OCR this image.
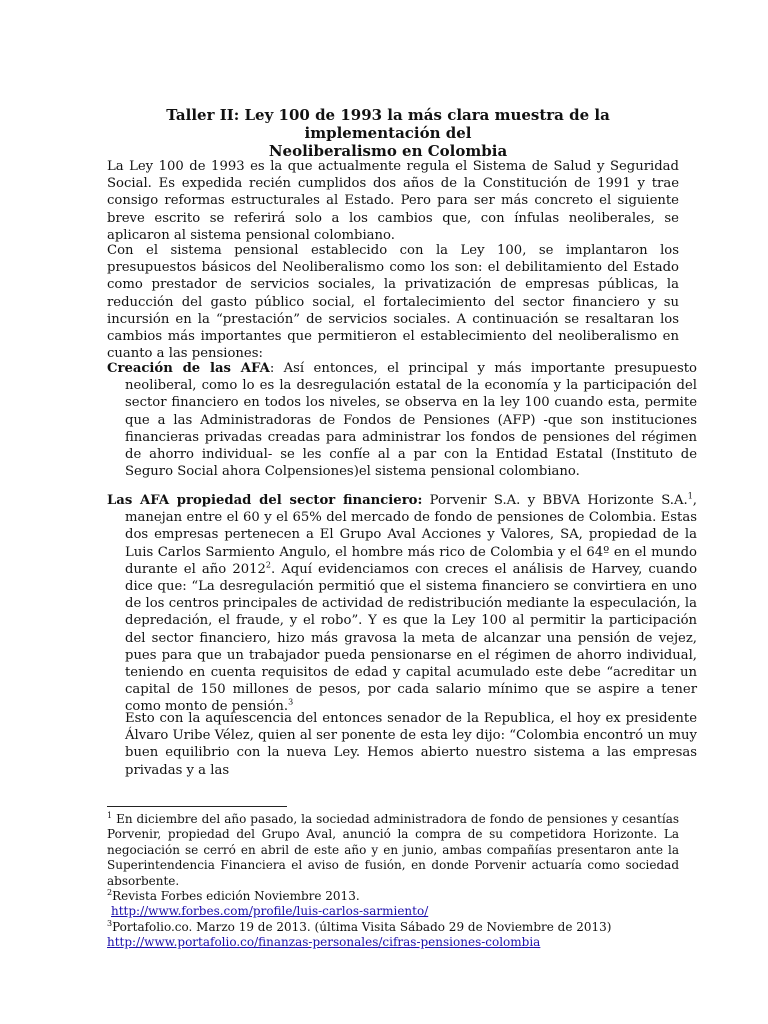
Taller II: Ley 100 de 1993 la más clara muestra de la implementación del
Neoliberalismo en Colombia

La Ley 100 de 1993 es la que actualmente regula el Sistema de Salud y Seguridad Social. Es expedida recién cumplidos dos años de la Constitución de 1991 y trae consigo reformas estructurales al Estado. Pero para ser más concreto el siguiente breve escrito se referirá solo a los cambios que, con ínfulas neoliberales, se aplicaron al sistema pensional colombiano.

Con el sistema pensional establecido con la Ley 100, se implantaron los presupuestos básicos del Neoliberalismo como los son: el debilitamiento del Estado como prestador de servicios sociales, la privatización de empresas públicas, la reducción del gasto público social, el fortalecimiento del sector financiero y su incursión en la “prestación” de servicios sociales. A continuación se resaltaran los cambios más importantes que permitieron el establecimiento del neoliberalismo en cuanto a las pensiones:

Creación de las AFA: Así entonces, el principal y más importante presupuesto neoliberal, como lo es la desregulación estatal de la economía y la participación del sector financiero en todos los niveles, se observa en la ley 100 cuando esta, permite que a las Administradoras de Fondos de Pensiones (AFP) -que son instituciones financieras privadas creadas para administrar los fondos de pensiones del régimen de ahorro individual- se les confíe al a par con la Entidad Estatal (Instituto de Seguro Social ahora Colpensiones)el sistema pensional colombiano.

Las AFA propiedad del sector financiero: Porvenir S.A. y BBVA Horizonte S.A.$^1$, manejan entre el 60 y el 65% del mercado de fondo de pensiones de Colombia. Estas dos empresas pertenecen a El Grupo Aval Acciones y Valores, SA, propiedad de la Luis Carlos Sarmiento Angulo, el hombre más rico de Colombia y el 64º en el mundo durante el año 2012$^2$. Aquí evidenciamos con creces el análisis de Harvey, cuando dice que: “La desregulación permitió que el sistema financiero se convirtiera en uno de los centros principales de actividad de redistribución mediante la especulación, la depredación, el fraude, y el robo”. Y es que la Ley 100 al permitir la participación del sector financiero, hizo más gravosa la meta de alcanzar una pensión de vejez, pues para que un trabajador pueda pensionarse en el régimen de ahorro individual, teniendo en cuenta requisitos de edad y capital acumulado este debe “acreditar un capital de 150 millones de pesos, por cada salario mínimo que se aspire a tener como monto de pensión.$^3$

Esto con la aquiescencia del entonces senador de la Republica, el hoy ex presidente Álvaro Uribe Vélez, quien al ser ponente de esta ley dijo: “Colombia encontró un muy buen equilibrio con la nueva Ley. Hemos abierto nuestro sistema a las empresas privadas y a las

$^1$ En diciembre del año pasado, la sociedad administradora de fondo de pensiones y cesantías Porvenir, propiedad del Grupo Aval, anunció la compra de su competidora Horizonte. La negociación se cerró en abril de este año y en junio, ambas compañías presentaron ante la Superintendencia Financiera el aviso de fusión, en donde Porvenir actuaría como sociedad absorbente.

$^2$Revista Forbes edición Noviembre 2013.

http://www.forbes.com/profile/luis-carlos-sarmiento/

$^3$Portafolio.co. Marzo 19 de 2013. (última Visita Sábado 29 de Noviembre de 2013)

http://www.portafolio.co/finanzas-personales/cifras-pensiones-colombia
